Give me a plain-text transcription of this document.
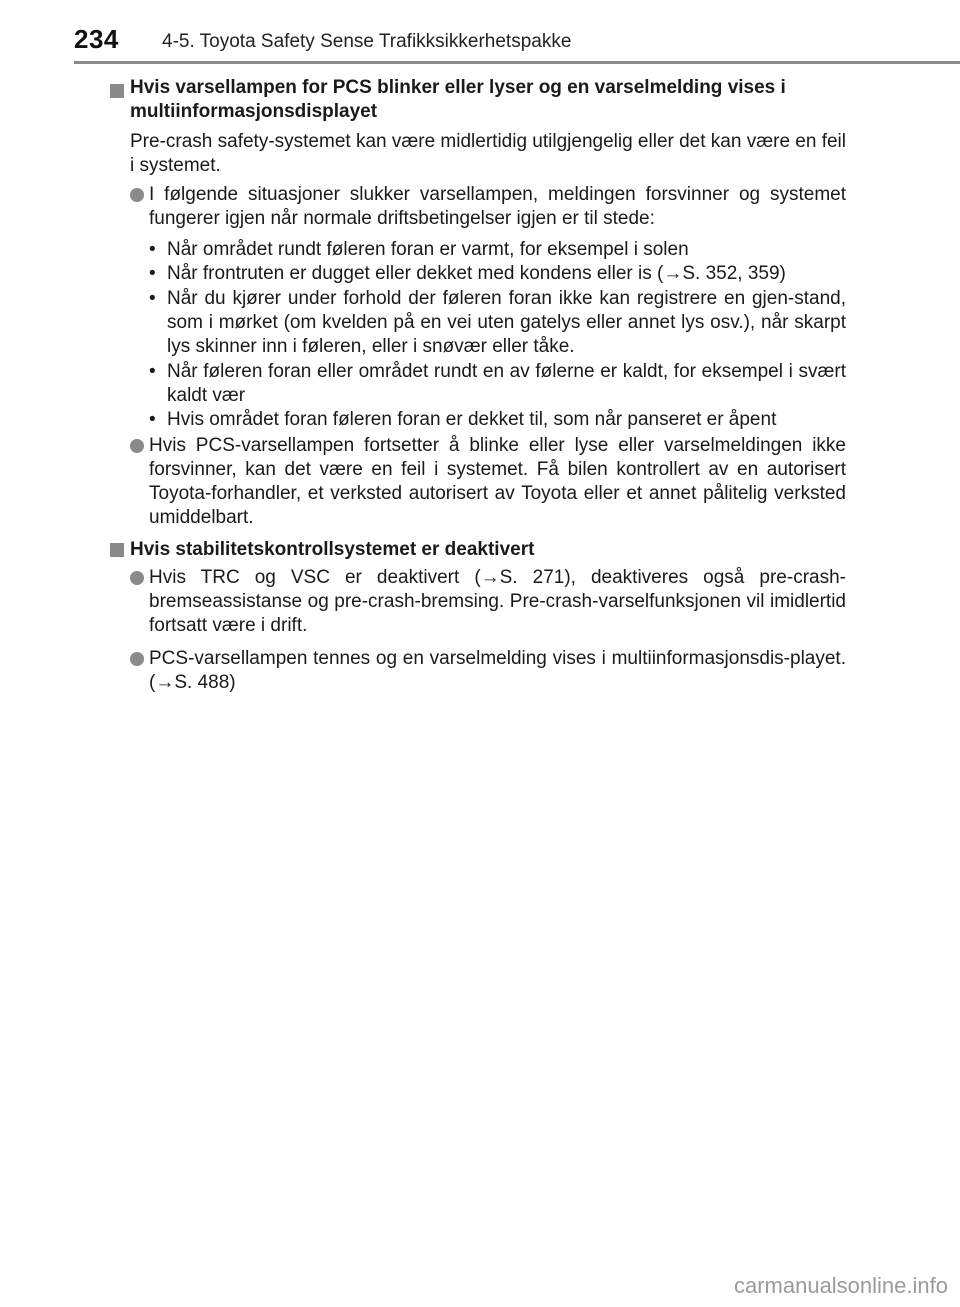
234 4-5. Toyota Safety Sense Trafikksikkerhetspakke
Hvis varsellampen for PCS blinker eller lyser og en varselmelding vises i
multiinformasjonsdisplayet
Pre-crash safety-systemet kan være midlertidig utilgjengelig eller det kan være en feil i systemet.
I følgende situasjoner slukker varsellampen, meldingen forsvinner og systemet fungerer igjen når normale driftsbetingelser igjen er til stede:
• Når området rundt føleren foran er varmt, for eksempel i solen
• Når frontruten er dugget eller dekket med kondens eller is (→S. 352, 359)
• Når du kjører under forhold der føleren foran ikke kan registrere en gjen-stand, som i mørket (om kvelden på en vei uten gatelys eller annet lys osv.), når skarpt lys skinner inn i føleren, eller i snøvær eller tåke.
• Når føleren foran eller området rundt en av følerne er kaldt, for eksempel i svært kaldt vær
• Hvis området foran føleren foran er dekket til, som når panseret er åpent
Hvis PCS-varsellampen fortsetter å blinke eller lyse eller varselmeldingen ikke forsvinner, kan det være en feil i systemet. Få bilen kontrollert av en autorisert Toyota-forhandler, et verksted autorisert av Toyota eller et annet pålitelig verksted umiddelbart.
Hvis stabilitetskontrollsystemet er deaktivert
Hvis TRC og VSC er deaktivert (→S. 271), deaktiveres også pre-crash-bremseassistanse og pre-crash-bremsing. Pre-crash-varselfunksjonen vil imidlertid fortsatt være i drift.
PCS-varsellampen tennes og en varselmelding vises i multiinformasjonsdis-playet. (→S. 488)
carmanualsonline.info
